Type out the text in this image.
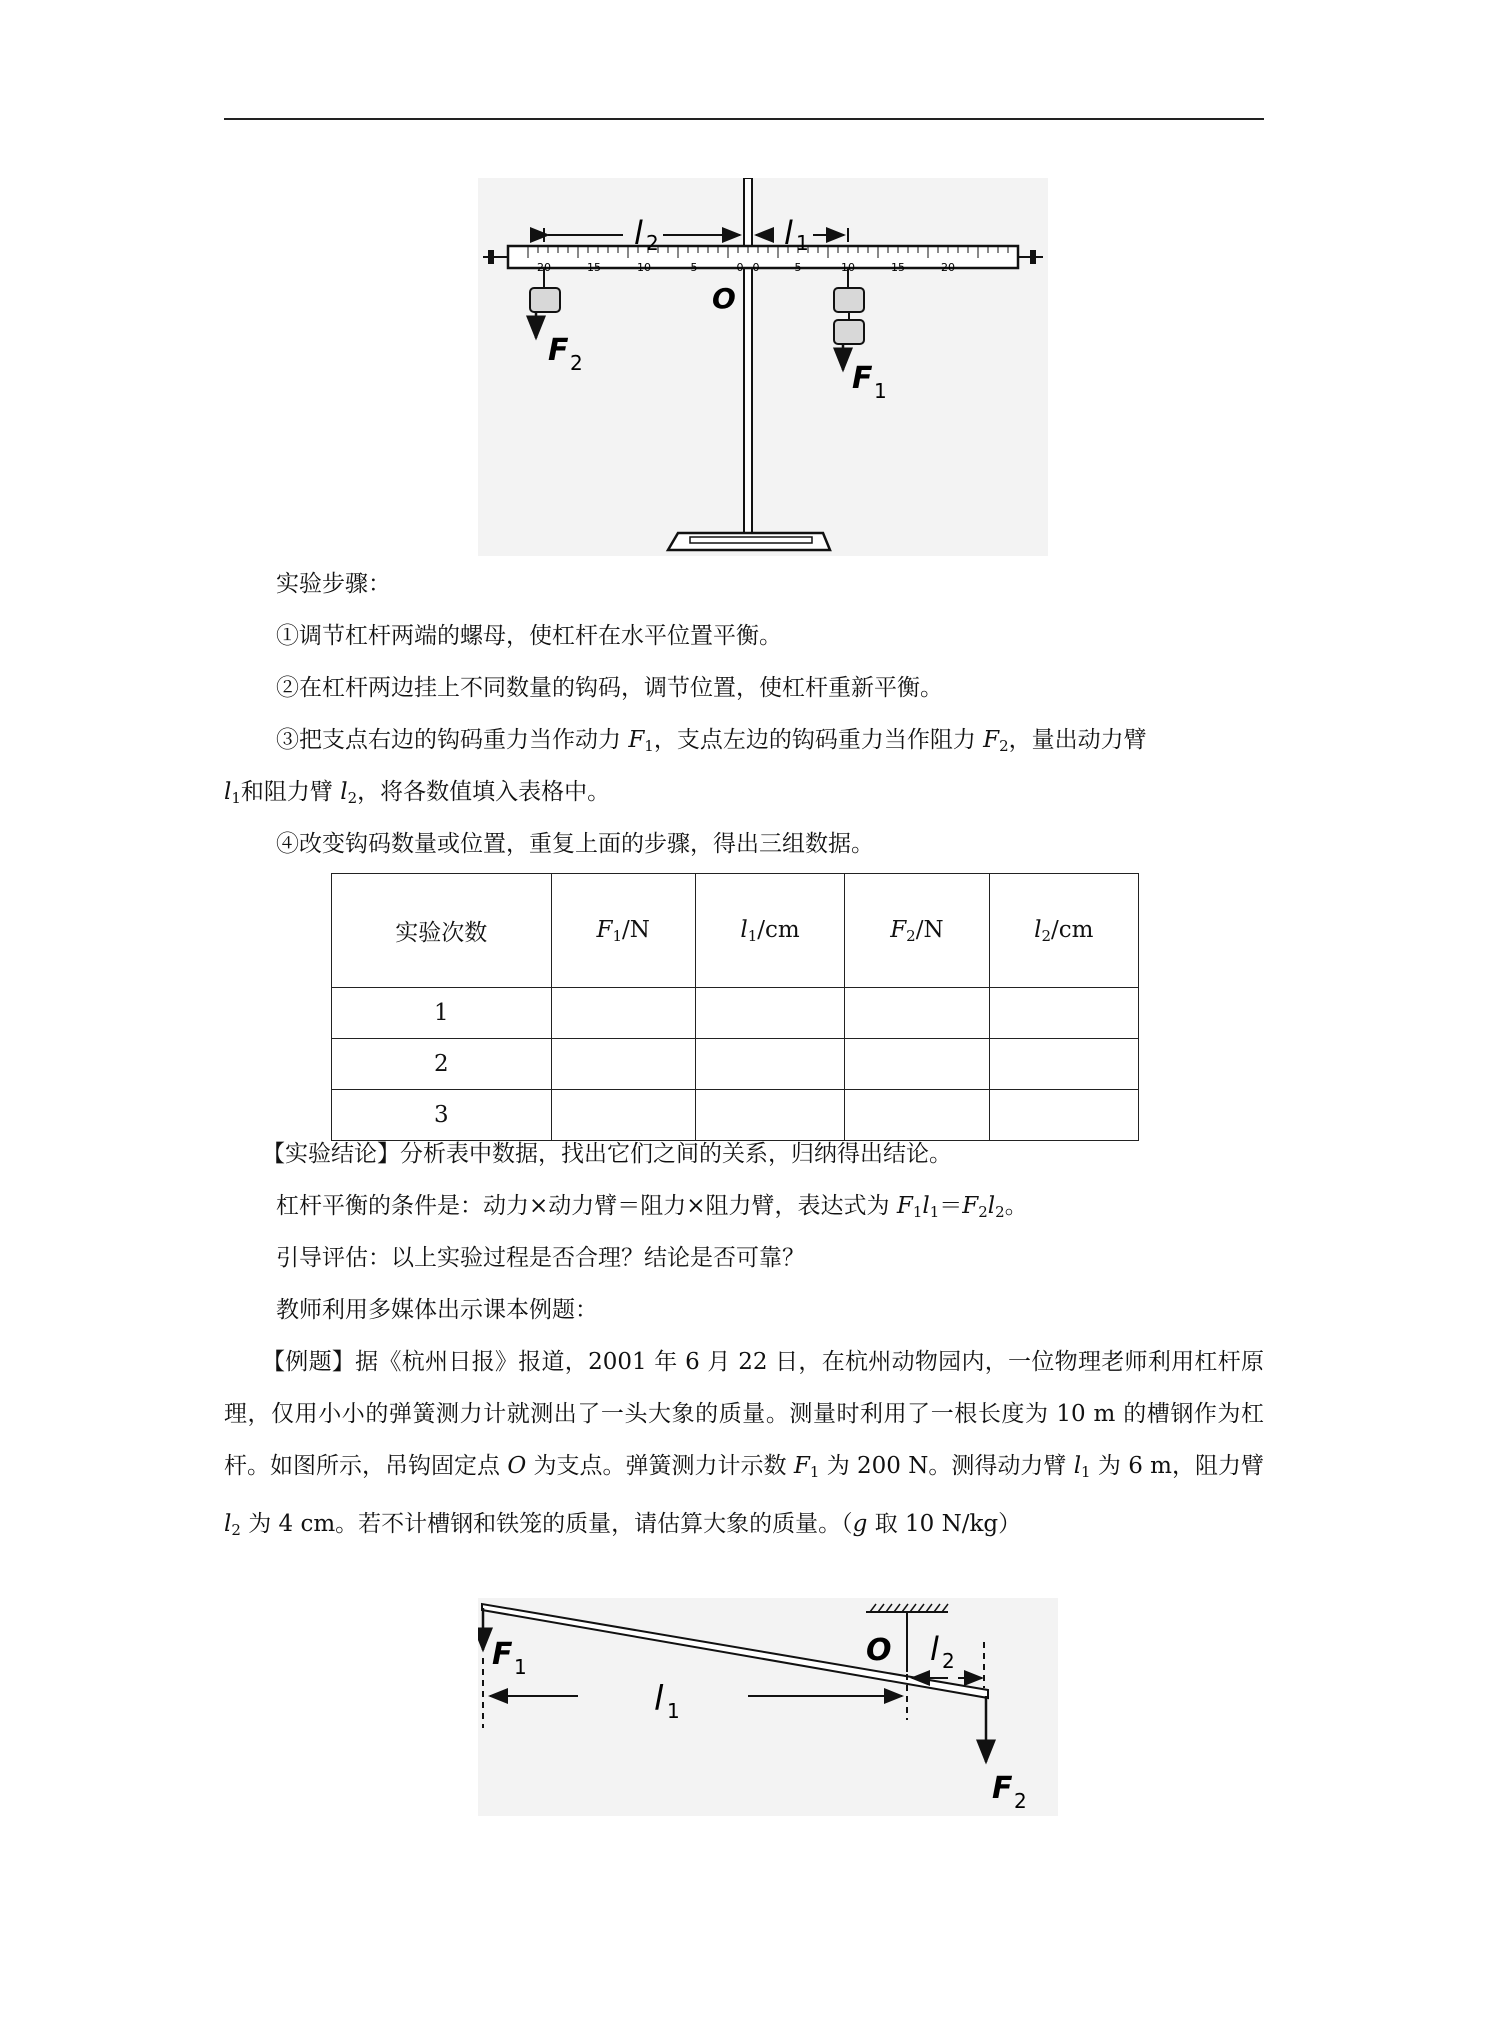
20	15	10	5	0 0	5	10	15	20
l 2	l 1
O
F 2	F 1
实验步骤：
①调节杠杆两端的螺母，使杠杆在水平位置平衡。
②在杠杆两边挂上不同数量的钩码，调节位置，使杠杆重新平衡。
③把支点右边的钩码重力当作动力 $F_1$，支点左边的钩码重力当作阻力 $F_2$，量出动力臂
$l_1$和阻力臂 $l_2$，将各数值填入表格中。
④改变钩码数量或位置，重复上面的步骤，得出三组数据。
实验次数	$F_1/N$	$l_1/cm$	$F_2/N$	$l_2/cm$
1				
2				
3				
【实验结论】分析表中数据，找出它们之间的关系，归纳得出结论。
杠杆平衡的条件是：动力×动力臂＝阻力×阻力臂，表达式为 $F_1l_1=F_2l_2$。
引导评估：以上实验过程是否合理？结论是否可靠？
教师利用多媒体出示课本例题：
【例题】据《杭州日报》报道，2001 年 6 月 22 日，在杭州动物园内，一位物理老师利用杠杆原理，仅用小小的弹簧测力计就测出了一头大象的质量。测量时利用了一根长度为 10 m 的槽钢作为杠杆。如图所示，吊钩固定点 O 为支点。弹簧测力计示数 $F_1$ 为 200 N。测得动力臂 $l_1$ 为 6 m，阻力臂 $l_2$ 为 4 cm。若不计槽钢和铁笼的质量，请估算大象的质量。（g 取 10 N/kg）
F 1	O
l 1
l 2
F 2
